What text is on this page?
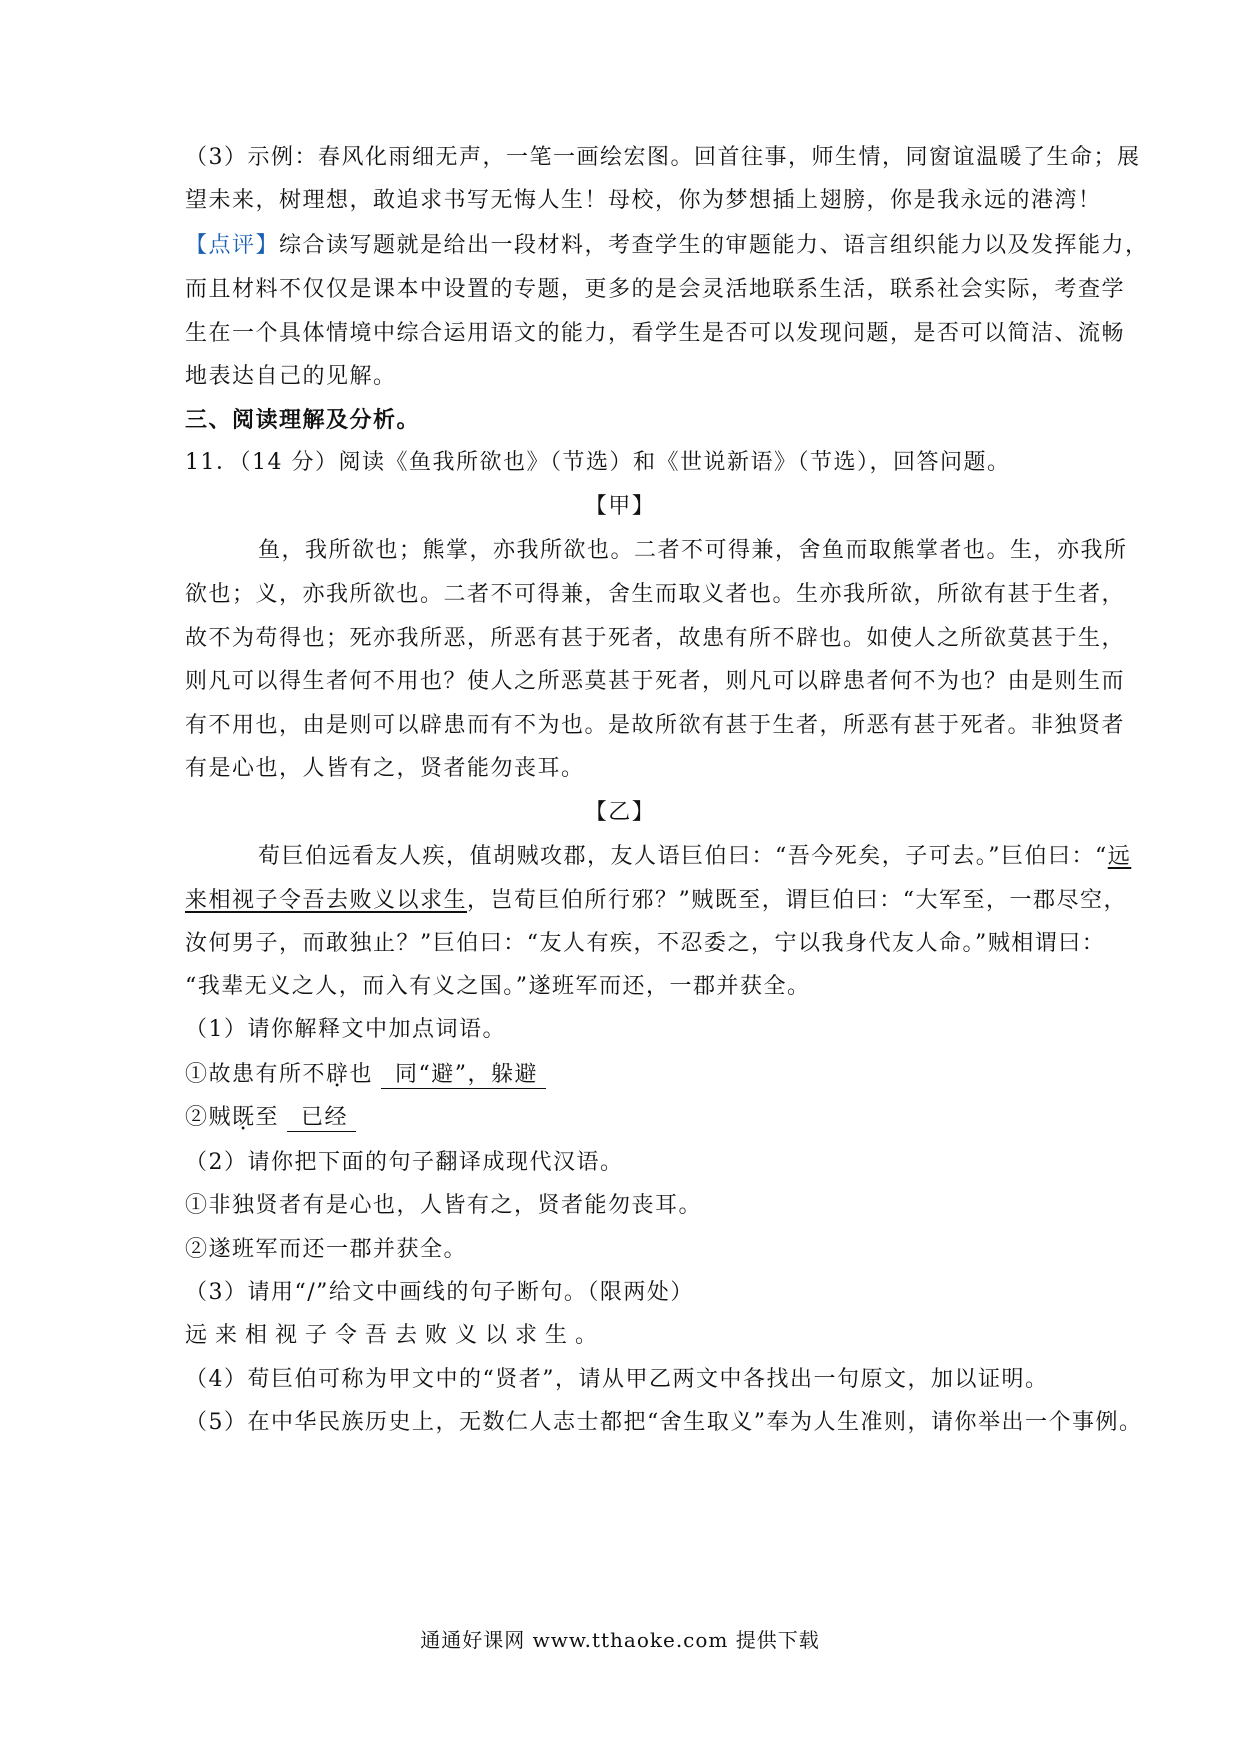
（3）示例：春风化雨细无声，一笔一画绘宏图。回首往事，师生情，同窗谊温暖了生命；展
望未来，树理想，敢追求书写无悔人生！母校，你为梦想插上翅膀，你是我永远的港湾！
【点评】综合读写题就是给出一段材料，考查学生的审题能力、语言组织能力以及发挥能力，
而且材料不仅仅是课本中设置的专题，更多的是会灵活地联系生活，联系社会实际，考查学
生在一个具体情境中综合运用语文的能力，看学生是否可以发现问题，是否可以简洁、流畅
地表达自己的见解。
三、阅读理解及分析。
11．（14 分）阅读《鱼我所欲也》（节选）和《世说新语》（节选），回答问题。
【甲】
鱼，我所欲也；熊掌，亦我所欲也。二者不可得兼，舍鱼而取熊掌者也。生，亦我所
欲也；义，亦我所欲也。二者不可得兼，舍生而取义者也。生亦我所欲，所欲有甚于生者，
故不为苟得也；死亦我所恶，所恶有甚于死者，故患有所不辟也。如使人之所欲莫甚于生，
则凡可以得生者何不用也？使人之所恶莫甚于死者，则凡可以辟患者何不为也？由是则生而
有不用也，由是则可以辟患而有不为也。是故所欲有甚于生者，所恶有甚于死者。非独贤者
有是心也，人皆有之，贤者能勿丧耳。
【乙】
荀巨伯远看友人疾，值胡贼攻郡，友人语巨伯曰：“吾今死矣，子可去。”巨伯曰：“远
来相视子令吾去败义以求生，岂荀巨伯所行邪？”贼既至，谓巨伯曰：“大军至，一郡尽空，
汝何男子，而敢独止？”巨伯曰：“友人有疾，不忍委之，宁以我身代友人命。”贼相谓曰：
“我辈无义之人，而入有义之国。”遂班军而还，一郡并获全。
（1）请你解释文中加点词语。
①故患有所不辟也 同“避”，躲避
②贼既至 已经
（2）请你把下面的句子翻译成现代汉语。
①非独贤者有是心也，人皆有之，贤者能勿丧耳。
②遂班军而还一郡并获全。
（3）请用“/”给文中画线的句子断句。（限两处）
远来相视子令吾去败义以求生。
（4）荀巨伯可称为甲文中的“贤者”，请从甲乙两文中各找出一句原文，加以证明。
（5）在中华民族历史上，无数仁人志士都把“舍生取义”奉为人生准则，请你举出一个事例。
通通好课网 www.tthaoke.com 提供下载
